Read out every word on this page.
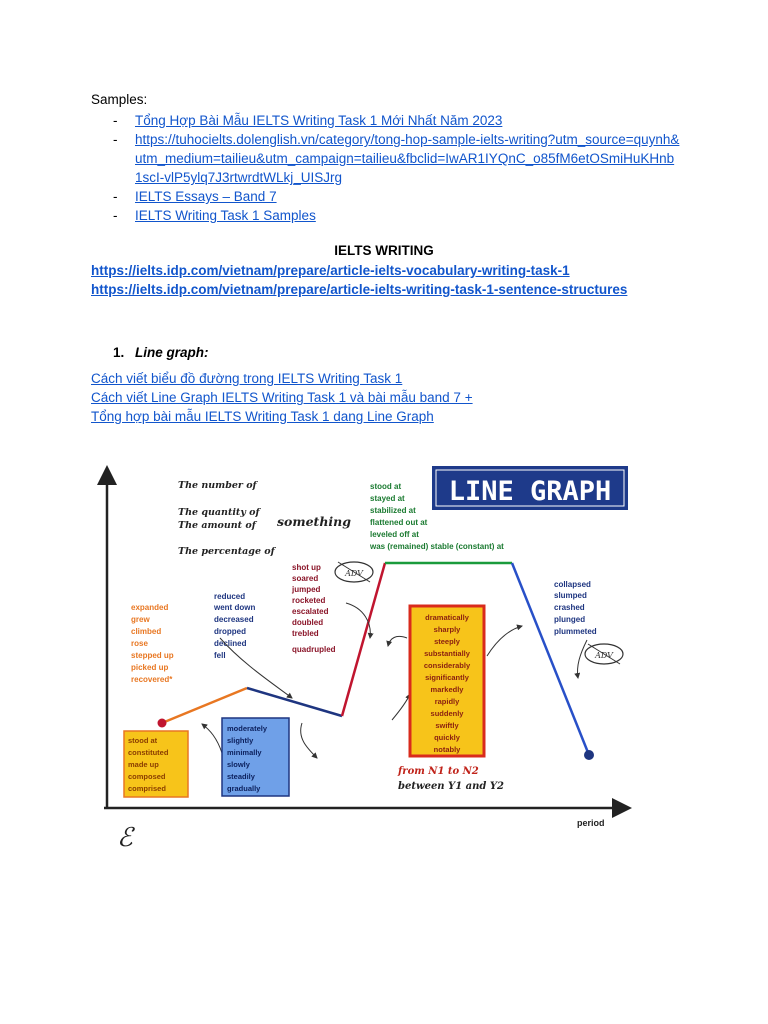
Samples:
- Tổng Hợp Bài Mẫu IELTS Writing Task 1 Mới Nhất Năm 2023
- https://tuhocielts.dolenglish.vn/category/tong-hop-sample-ielts-writing?utm_source=quynh&utm_medium=tailieu&utm_campaign=tailieu&fbclid=IwAR1IYQnC_o85fM6etOSmiHuKHnb1scI-vlP5ylq7J3rtwrdtWLkj_UISJrg
- IELTS Essays – Band 7
- IELTS Writing Task 1 Samples
IELTS WRITING
https://ielts.idp.com/vietnam/prepare/article-ielts-vocabulary-writing-task-1
https://ielts.idp.com/vietnam/prepare/article-ielts-writing-task-1-sentence-structures
1. Line graph:
Cách viết biểu đồ đường trong IELTS Writing Task 1
Cách viết Line Graph IELTS Writing Task 1 và bài mẫu band 7 +
Tổng hợp bài mẫu IELTS Writing Task 1 dang Line Graph
period
ℰ
LINE GRAPH
The number of
The quantity of
The amount of
The percentage of
something
stood at
stayed at
stabilized at
flattened out at
leveled off at
was (remained) stable (constant) at
shot up
soared
jumped
rocketed
escalated
doubled
trebled
quadrupled
reduced
went down
decreased
dropped
declined
fell
expanded
grew
climbed
rose
stepped up
picked up
recovered*
collapsed
slumped
crashed
plunged
plummeted
ADV
ADV
stood at
constituted
made up
composed
comprised
moderately
slightly
minimally
slowly
steadily
gradually
dramatically
sharply
steeply
substantially
considerably
significantly
markedly
rapidly
suddenly
swiftly
quickly
notably
from N1 to N2
between Y1 and Y2
